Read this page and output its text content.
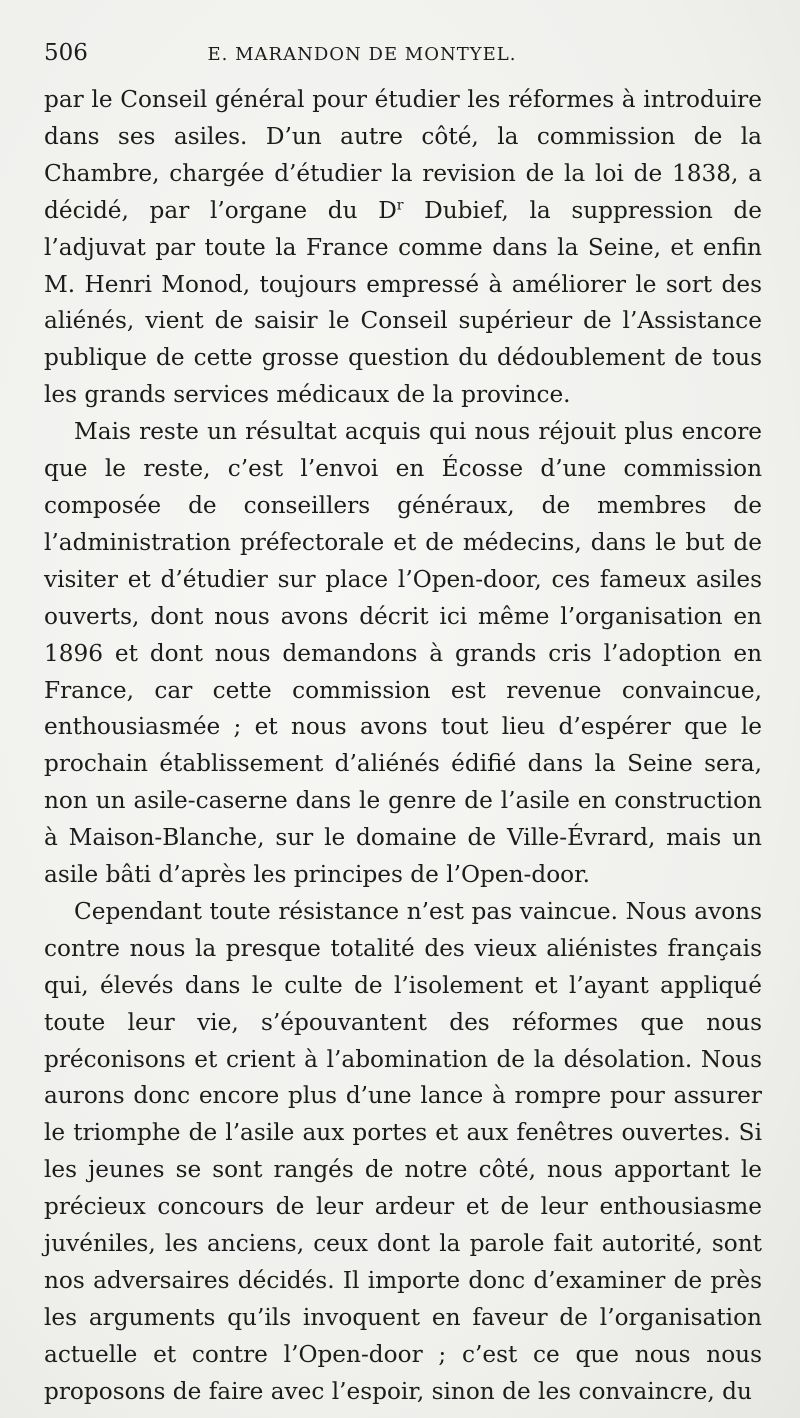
506	E. MARANDON DE MONTYEL.

par le Conseil général pour étudier les réformes à introduire dans ses asiles. D’un autre côté, la commission de la Chambre, chargée d’étudier la revision de la loi de 1838, a décidé, par l’organe du $D^r$ Dubief, la suppression de l’adjuvat par toute la France comme dans la Seine, et enfin M. Henri Monod, toujours empressé à améliorer le sort des aliénés, vient de saisir le Conseil supérieur de l’Assistance publique de cette grosse question du dédoublement de tous les grands services médicaux de la province.

Mais reste un résultat acquis qui nous réjouit plus encore que le reste, c’est l’envoi en Écosse d’une commission composée de conseillers généraux, de membres de l’administration préfectorale et de médecins, dans le but de visiter et d’étudier sur place l’Open-door, ces fameux asiles ouverts, dont nous avons décrit ici même l’organisation en 1896 et dont nous demandons à grands cris l’adoption en France, car cette commission est revenue convaincue, enthousiasmée ; et nous avons tout lieu d’espérer que le prochain établissement d’aliénés édifié dans la Seine sera, non un asile-caserne dans le genre de l’asile en construction à Maison-Blanche, sur le domaine de Ville-Évrard, mais un asile bâti d’après les principes de l’Open-door.

Cependant toute résistance n’est pas vaincue. Nous avons contre nous la presque totalité des vieux aliénistes français qui, élevés dans le culte de l’isolement et l’ayant appliqué toute leur vie, s’épouvantent des réformes que nous préconisons et crient à l’abomination de la désolation. Nous aurons donc encore plus d’une lance à rompre pour assurer le triomphe de l’asile aux portes et aux fenêtres ouvertes. Si les jeunes se sont rangés de notre côté, nous apportant le précieux concours de leur ardeur et de leur enthousiasme juvéniles, les anciens, ceux dont la parole fait autorité, sont nos adversaires décidés. Il importe donc d’examiner de près les arguments qu’ils invoquent en faveur de l’organisation actuelle et contre l’Open-door ; c’est ce que nous nous proposons de faire avec l’espoir, sinon de les convaincre, du
